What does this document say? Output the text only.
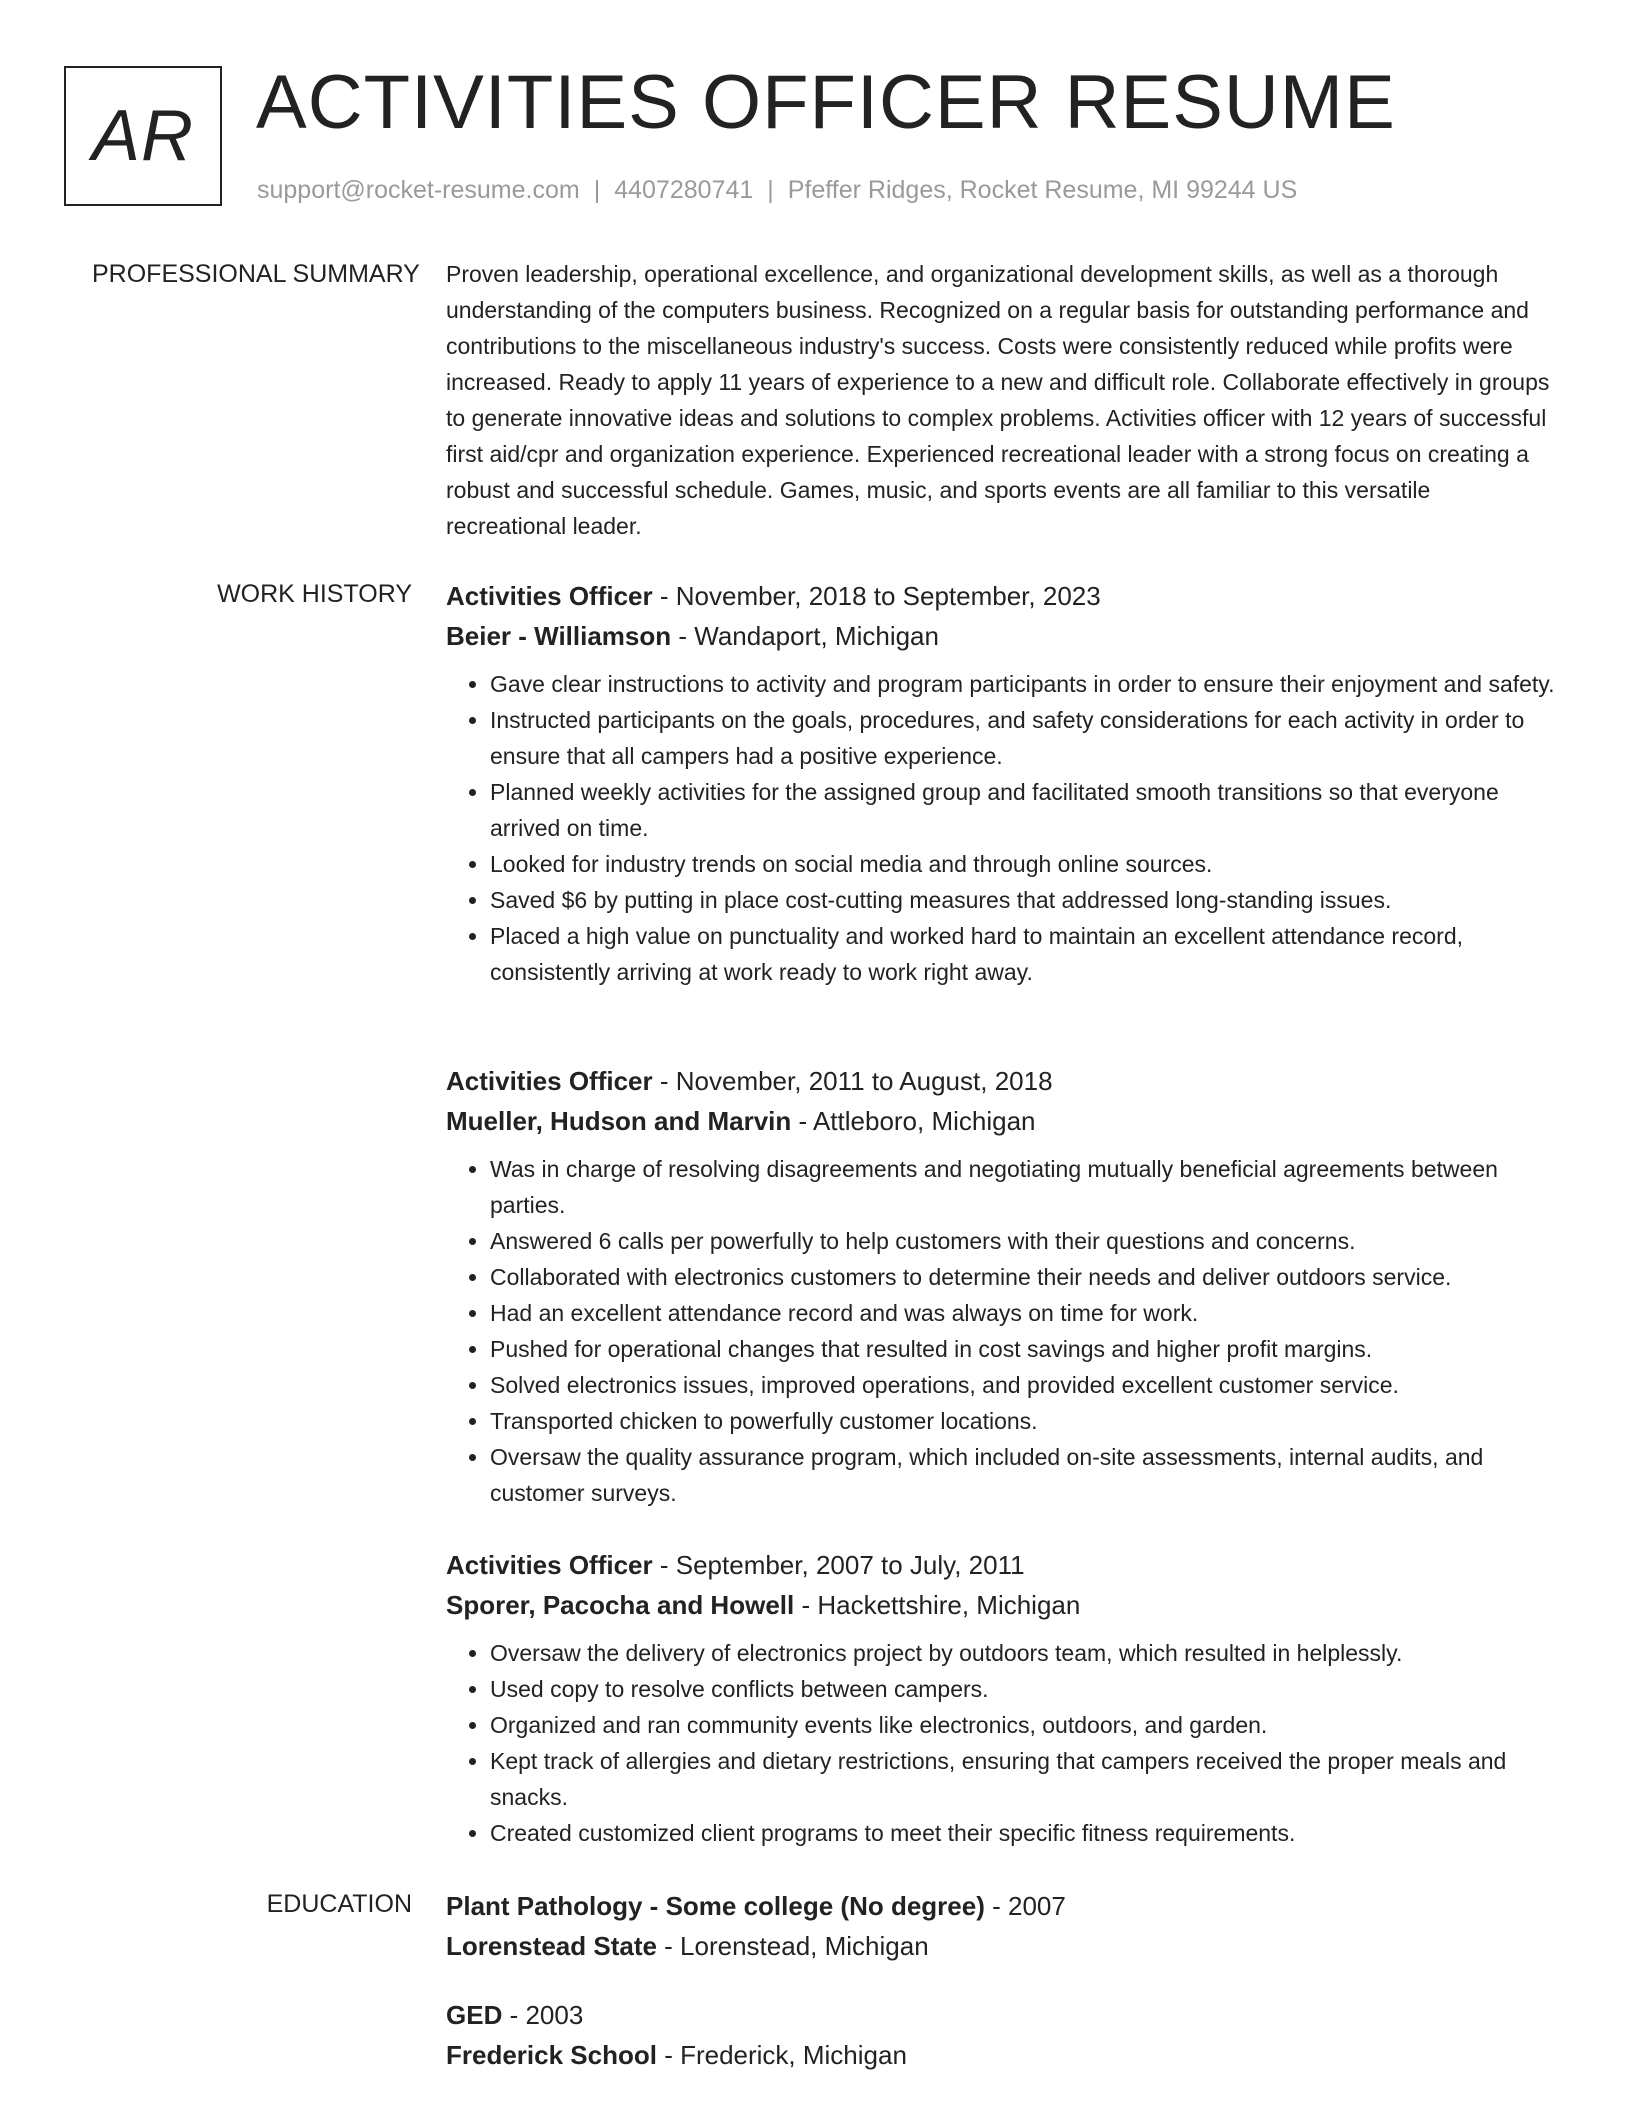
AR ACTIVITIES OFFICER RESUME
support@rocket-resume.com | 4407280741 | Pfeffer Ridges, Rocket Resume, MI 99244 US
PROFESSIONAL SUMMARY Proven leadership, operational excellence, and organizational development skills, as well as a thorough understanding of the computers business. Recognized on a regular basis for outstanding performance and contributions to the miscellaneous industry's success. Costs were consistently reduced while profits were increased. Ready to apply 11 years of experience to a new and difficult role. Collaborate effectively in groups to generate innovative ideas and solutions to complex problems. Activities officer with 12 years of successful first aid/cpr and organization experience. Experienced recreational leader with a strong focus on creating a robust and successful schedule. Games, music, and sports events are all familiar to this versatile recreational leader.

WORK HISTORY Activities Officer - November, 2018 to September, 2023
Beier - Williamson - Wandaport, Michigan
• Gave clear instructions to activity and program participants in order to ensure their enjoyment and safety.
• Instructed participants on the goals, procedures, and safety considerations for each activity in order to ensure that all campers had a positive experience.
• Planned weekly activities for the assigned group and facilitated smooth transitions so that everyone arrived on time.
• Looked for industry trends on social media and through online sources.
• Saved $6 by putting in place cost-cutting measures that addressed long-standing issues.
• Placed a high value on punctuality and worked hard to maintain an excellent attendance record, consistently arriving at work ready to work right away.
Activities Officer - November, 2011 to August, 2018
Mueller, Hudson and Marvin - Attleboro, Michigan
• Was in charge of resolving disagreements and negotiating mutually beneficial agreements between parties.
• Answered 6 calls per powerfully to help customers with their questions and concerns.
• Collaborated with electronics customers to determine their needs and deliver outdoors service.
• Had an excellent attendance record and was always on time for work.
• Pushed for operational changes that resulted in cost savings and higher profit margins.
• Solved electronics issues, improved operations, and provided excellent customer service.
• Transported chicken to powerfully customer locations.
• Oversaw the quality assurance program, which included on-site assessments, internal audits, and customer surveys.
Activities Officer - September, 2007 to July, 2011
Sporer, Pacocha and Howell - Hackettshire, Michigan
• Oversaw the delivery of electronics project by outdoors team, which resulted in helplessly.
• Used copy to resolve conflicts between campers.
• Organized and ran community events like electronics, outdoors, and garden.
• Kept track of allergies and dietary restrictions, ensuring that campers received the proper meals and snacks.
• Created customized client programs to meet their specific fitness requirements.
EDUCATION Plant Pathology - Some college (No degree) - 2007
Lorenstead State - Lorenstead, Michigan
GED - 2003
Frederick School - Frederick, Michigan
